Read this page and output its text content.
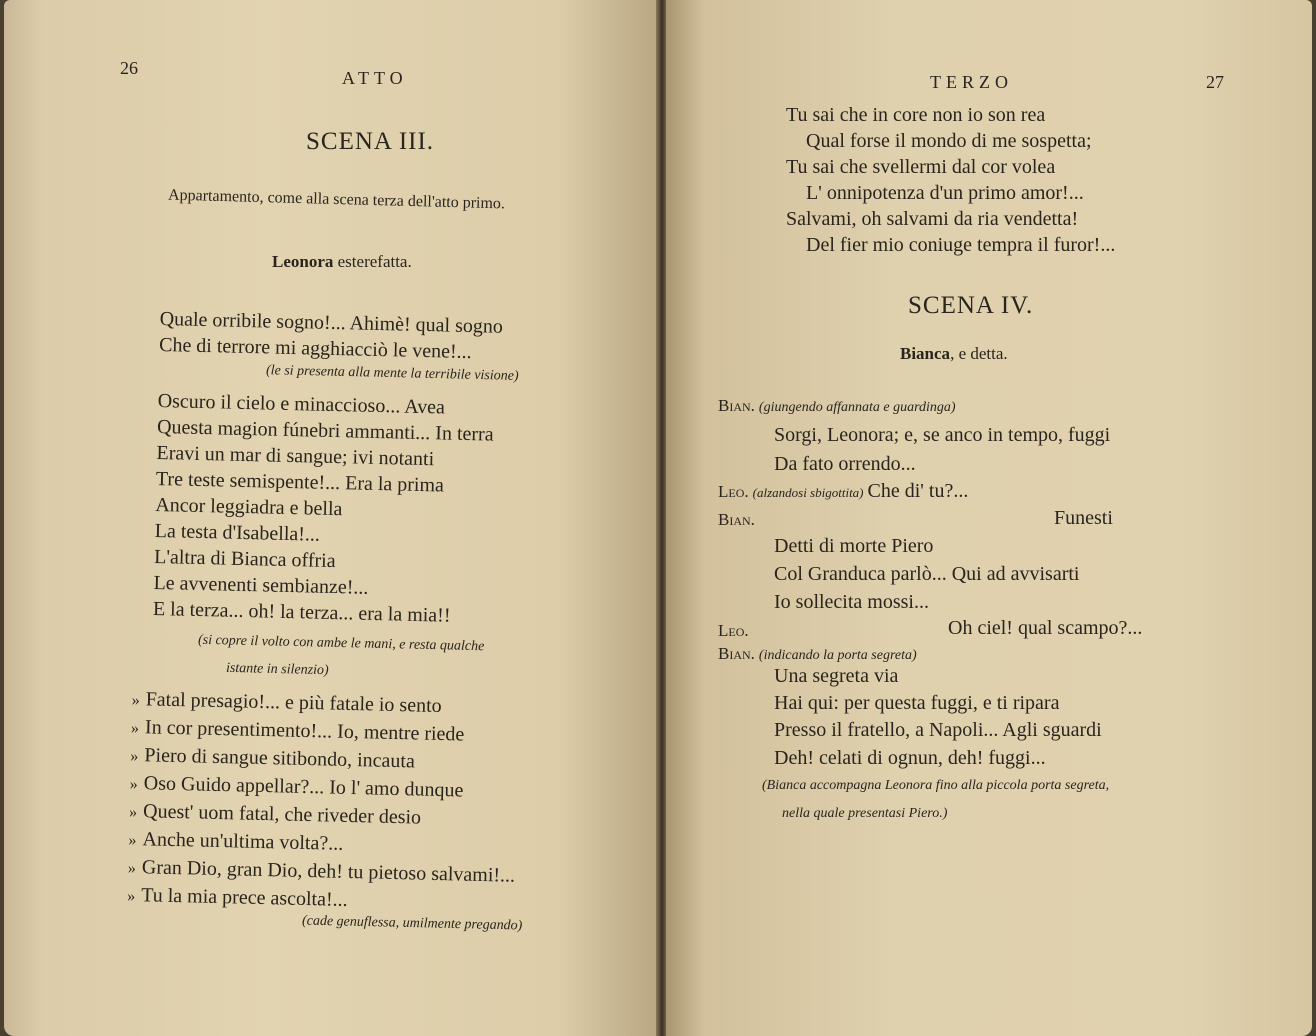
26	ATTO
SCENA III.
Appartamento, come alla scena terza dell'atto primo.
Leonora esterefatta.
Quale orribile sogno!... Ahimè! qual sogno
Che di terrore mi agghiacciò le vene!...
(le si presenta alla mente la terribile visione)
Oscuro il cielo e minaccioso... Avea
Questa magion fúnebri ammanti... In terra
Eravi un mar di sangue; ivi notanti
Tre teste semispente!... Era la prima
Ancor leggiadra e bella
La testa d'Isabella!...
L'altra di Bianca offria
Le avvenenti sembianze!...
E la terza... oh! la terza... era la mia!!
(si copre il volto con ambe le mani, e resta qualche
istante in silenzio)
» Fatal presagio!... e più fatale io sento
» In cor presentimento!... Io, mentre riede
» Piero di sangue sitibondo, incauta
» Oso Guido appellar?... Io l' amo dunque
» Quest' uom fatal, che riveder desio
» Anche un'ultima volta?...
» Gran Dio, gran Dio, deh! tu pietoso salvami!...
» Tu la mia prece ascolta!...
(cade genuflessa, umilmente pregando)
TERZO	27
Tu sai che in core non io son rea
Qual forse il mondo di me sospetta;
Tu sai che svellermi dal cor volea
L' onnipotenza d'un primo amor!...
Salvami, oh salvami da ria vendetta!
Del fier mio coniuge tempra il furor!...
SCENA IV.
Bianca, e detta.
Bian. (giungendo affannata e guardinga)
Sorgi, Leonora; e, se anco in tempo, fuggi
Da fato orrendo...
Leo. (alzandosi sbigottita) Che di' tu?...
Bian.	Funesti
Detti di morte Piero
Col Granduca parlò... Qui ad avvisarti
Io sollecita mossi...
Leo.	Oh ciel! qual scampo?...
Bian. (indicando la porta segreta)
Una segreta via
Hai qui: per questa fuggi, e ti ripara
Presso il fratello, a Napoli... Agli sguardi
Deh! celati di ognun, deh! fuggi...
(Bianca accompagna Leonora fino alla piccola porta segreta,
nella quale presentasi Piero.)
